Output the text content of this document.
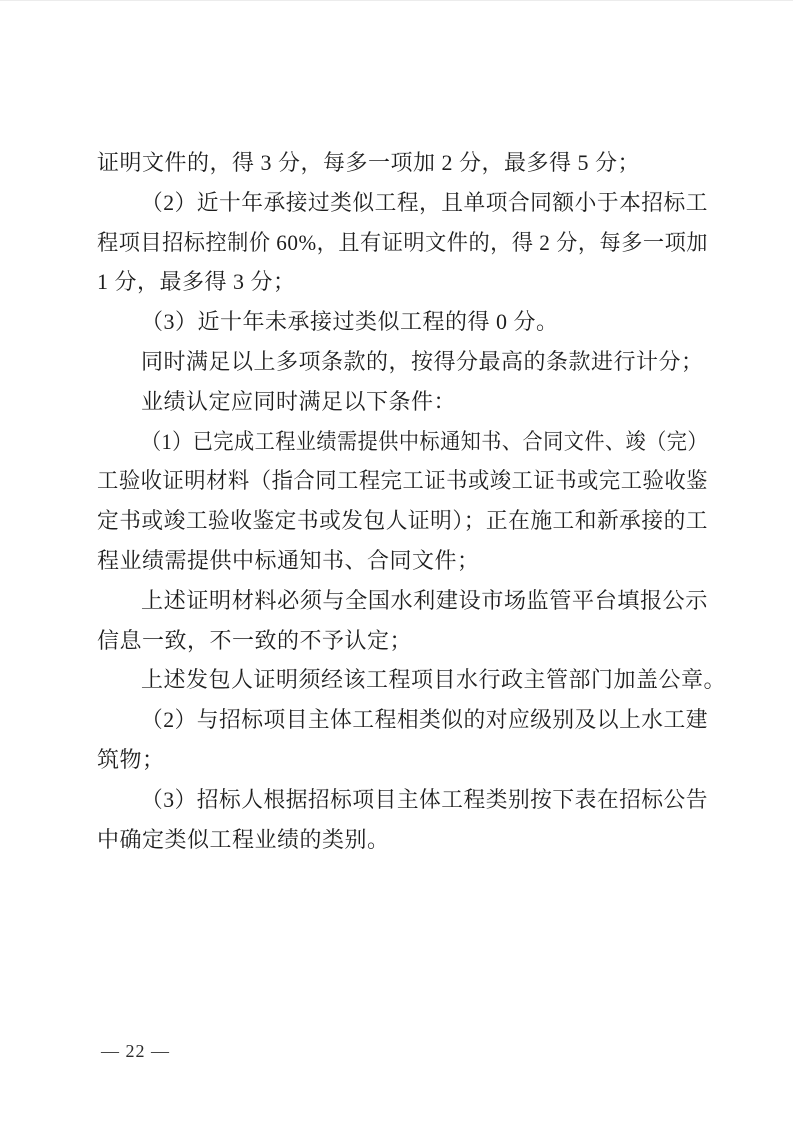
证明文件的，得 3 分，每多一项加 2 分，最多得 5 分；
（2）近十年承接过类似工程，且单项合同额小于本招标工
程项目招标控制价 60%，且有证明文件的，得 2 分，每多一项加
1 分，最多得 3 分；
（3）近十年未承接过类似工程的得 0 分。
同时满足以上多项条款的，按得分最高的条款进行计分；
业绩认定应同时满足以下条件：
（1）已完成工程业绩需提供中标通知书、合同文件、竣（完）
工验收证明材料（指合同工程完工证书或竣工证书或完工验收鉴
定书或竣工验收鉴定书或发包人证明）；正在施工和新承接的工
程业绩需提供中标通知书、合同文件；
上述证明材料必须与全国水利建设市场监管平台填报公示
信息一致，不一致的不予认定；
上述发包人证明须经该工程项目水行政主管部门加盖公章。
（2）与招标项目主体工程相类似的对应级别及以上水工建
筑物；
（3）招标人根据招标项目主体工程类别按下表在招标公告
中确定类似工程业绩的类别。
— 22 —
